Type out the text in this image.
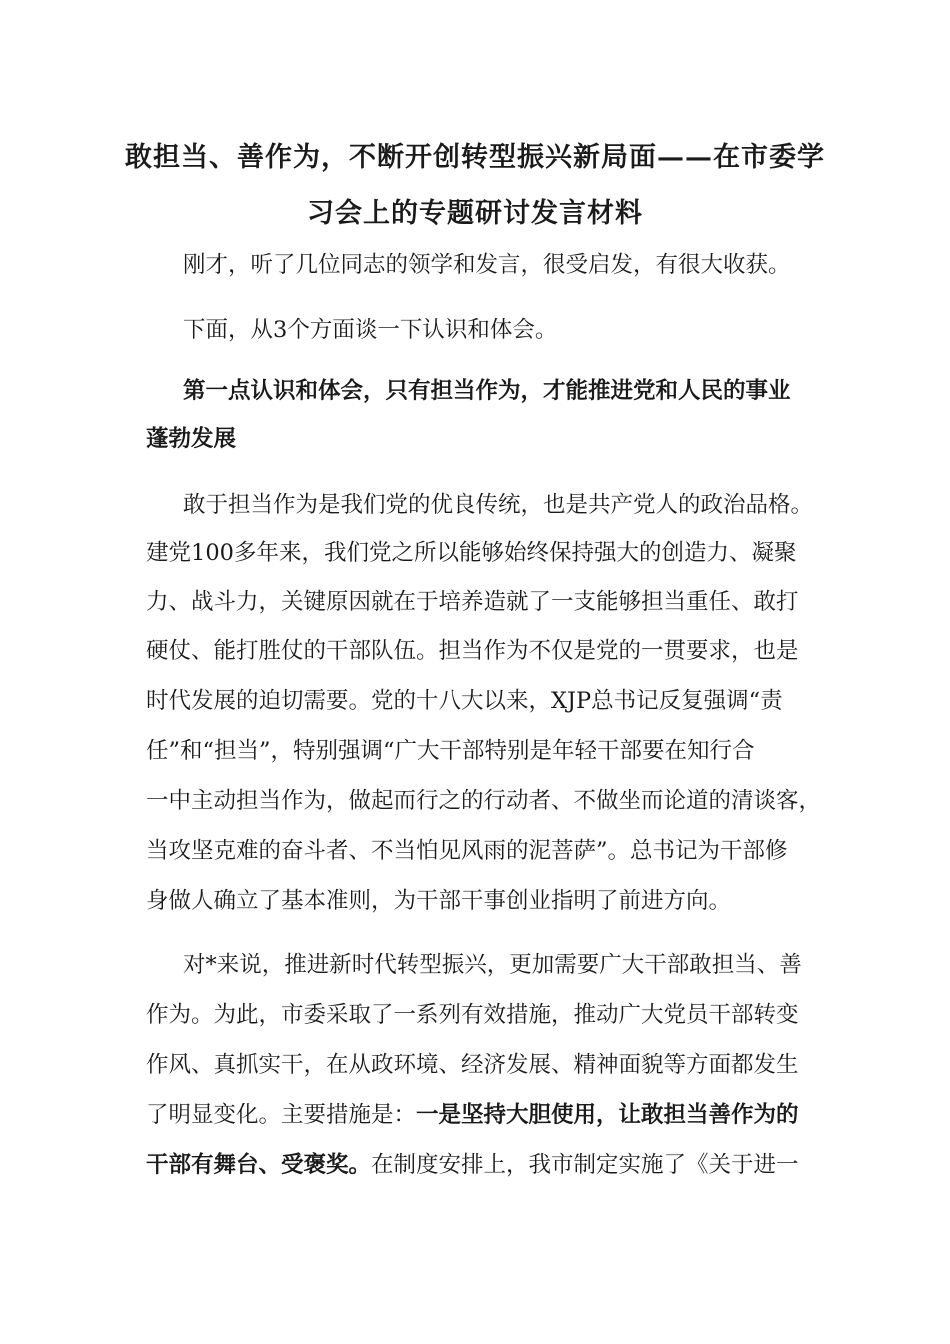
敢担当、善作为，不断开创转型振兴新局面——在市委学
习会上的专题研讨发言材料
刚才，听了几位同志的领学和发言，很受启发，有很大收获。
下面，从3个方面谈一下认识和体会。
第一点认识和体会，只有担当作为，才能推进党和人民的事业
蓬勃发展
敢于担当作为是我们党的优良传统，也是共产党人的政治品格。
建党100多年来，我们党之所以能够始终保持强大的创造力、凝聚
力、战斗力，关键原因就在于培养造就了一支能够担当重任、敢打
硬仗、能打胜仗的干部队伍。担当作为不仅是党的一贯要求，也是
时代发展的迫切需要。党的十八大以来，XJP总书记反复强调“责
任”和“担当”，特别强调“广大干部特别是年轻干部要在知行合
一中主动担当作为，做起而行之的行动者、不做坐而论道的清谈客，
当攻坚克难的奋斗者、不当怕见风雨的泥菩萨”。总书记为干部修
身做人确立了基本准则，为干部干事创业指明了前进方向。
对*来说，推进新时代转型振兴，更加需要广大干部敢担当、善
作为。为此，市委采取了一系列有效措施，推动广大党员干部转变
作风、真抓实干，在从政环境、经济发展、精神面貌等方面都发生
了明显变化。主要措施是：一是坚持大胆使用，让敢担当善作为的
干部有舞台、受褒奖。在制度安排上，我市制定实施了《关于进一
